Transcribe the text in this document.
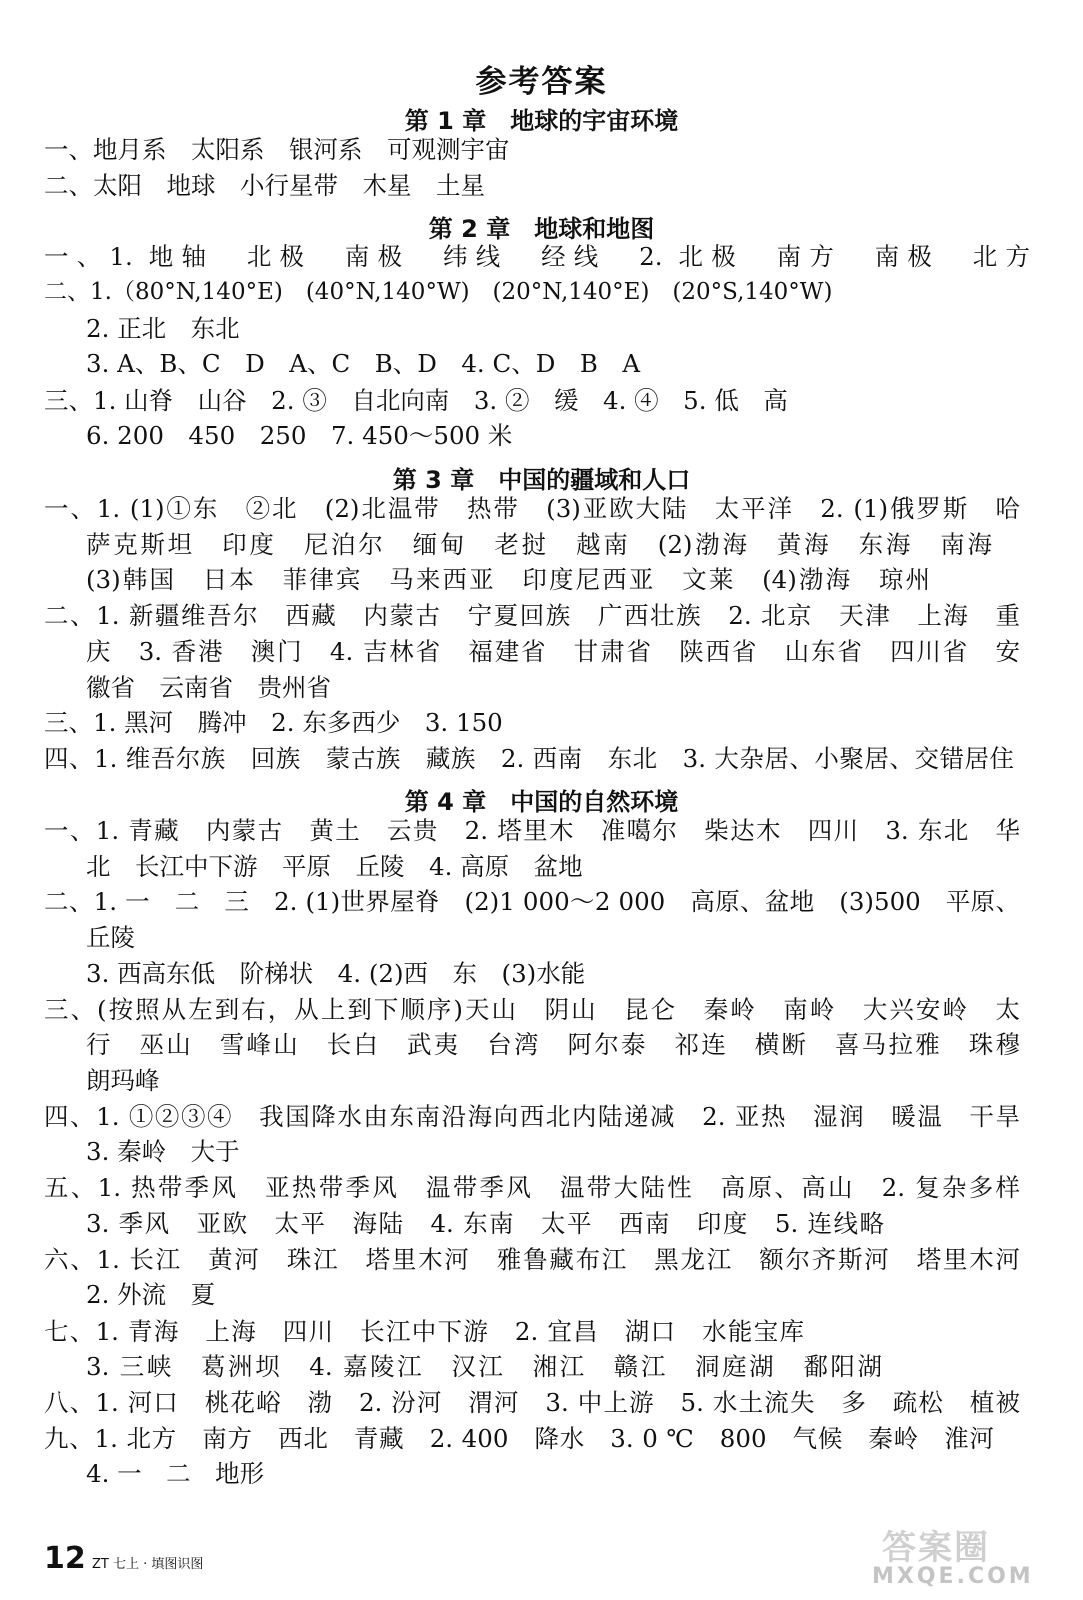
参考答案
第 1 章　地球的宇宙环境
一、地月系　太阳系　银河系　可观测宇宙
二、太阳　地球　小行星带　木星　土星
第 2 章　地球和地图
一、1. 地轴　北极　南极　纬线　经线　2. 北极　南方　南极　北方
二、1.（80°N,140°E)　(40°N,140°W)　(20°N,140°E)　(20°S,140°W)
2. 正北　东北
3. A、B、C　D　A、C　B、D　4. C、D　B　A
三、1. 山脊　山谷　2. ③　自北向南　3. ②　缓　4. ④　5. 低　高
6. 200　450　250　7. 450～500 米
第 3 章　中国的疆域和人口
一、1. (1)①东　②北　(2)北温带　热带　(3)亚欧大陆　太平洋　2. (1)俄罗斯　哈
萨克斯坦　印度　尼泊尔　缅甸　老挝　越南　(2)渤海　黄海　东海　南海
(3)韩国　日本　菲律宾　马来西亚　印度尼西亚　文莱　(4)渤海　琼州
二、1. 新疆维吾尔　西藏　内蒙古　宁夏回族　广西壮族　2. 北京　天津　上海　重
庆　3. 香港　澳门　4. 吉林省　福建省　甘肃省　陕西省　山东省　四川省　安
徽省　云南省　贵州省
三、1. 黑河　腾冲　2. 东多西少　3. 150
四、1. 维吾尔族　回族　蒙古族　藏族　2. 西南　东北　3. 大杂居、小聚居、交错居住
第 4 章　中国的自然环境
一、1. 青藏　内蒙古　黄土　云贵　2. 塔里木　准噶尔　柴达木　四川　3. 东北　华
北　长江中下游　平原　丘陵　4. 高原　盆地
二、1. 一　二　三　2. (1)世界屋脊　(2)1 000～2 000　高原、盆地　(3)500　平原、
丘陵
3. 西高东低　阶梯状　4. (2)西　东　(3)水能
三、(按照从左到右，从上到下顺序)天山　阴山　昆仑　秦岭　南岭　大兴安岭　太
行　巫山　雪峰山　长白　武夷　台湾　阿尔泰　祁连　横断　喜马拉雅　珠穆
朗玛峰
四、1. ①②③④　我国降水由东南沿海向西北内陆递减　2. 亚热　湿润　暖温　干旱
3. 秦岭　大于
五、1. 热带季风　亚热带季风　温带季风　温带大陆性　高原、高山　2. 复杂多样
3. 季风　亚欧　太平　海陆　4. 东南　太平　西南　印度　5. 连线略
六、1. 长江　黄河　珠江　塔里木河　雅鲁藏布江　黑龙江　额尔齐斯河　塔里木河
2. 外流　夏
七、1. 青海　上海　四川　长江中下游　2. 宜昌　湖口　水能宝库
3. 三峡　葛洲坝　4. 嘉陵江　汉江　湘江　赣江　洞庭湖　鄱阳湖
八、1. 河口　桃花峪　渤　2. 汾河　渭河　3. 中上游　5. 水土流失　多　疏松　植被
九、1. 北方　南方　西北　青藏　2. 400　降水　3. 0 ℃　800　气候　秦岭　淮河
4. 一　二　地形
12 ZT 七上 · 填图识图	答案圈
MXQE.COM
